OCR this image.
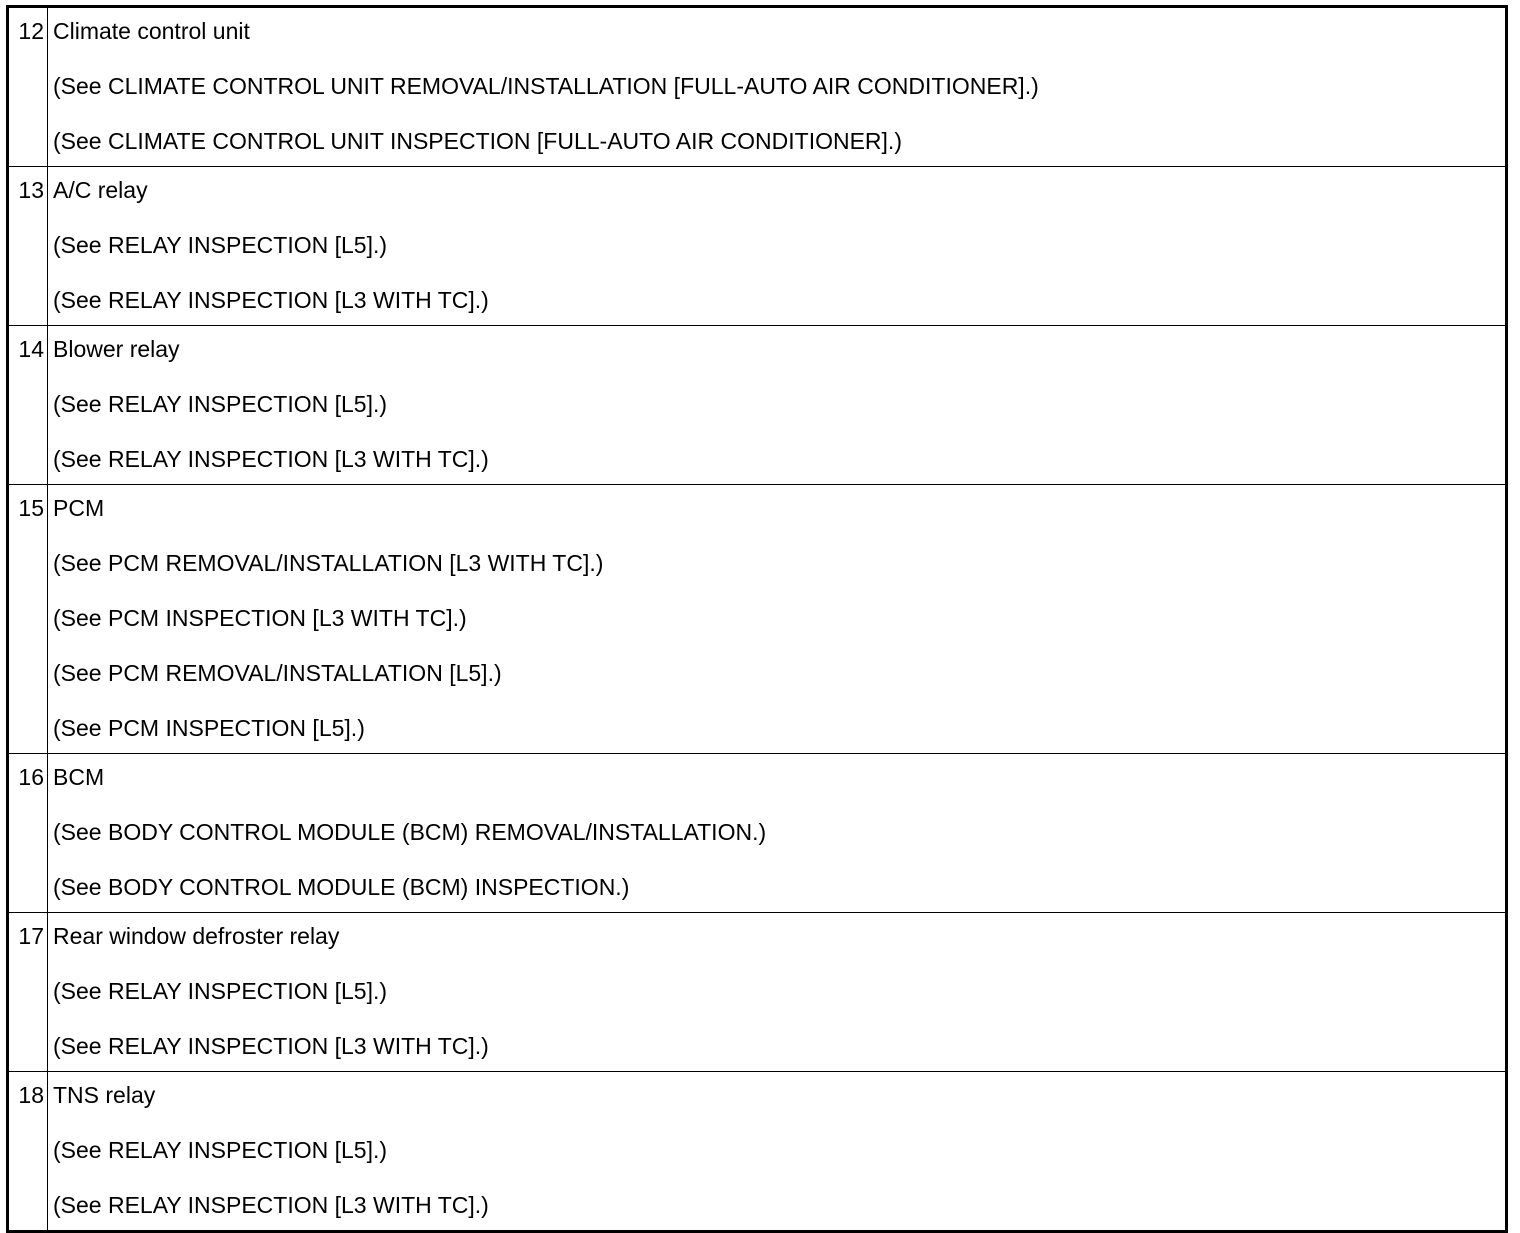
12	Climate control unit
(See CLIMATE CONTROL UNIT REMOVAL/INSTALLATION [FULL-AUTO AIR CONDITIONER].)
(See CLIMATE CONTROL UNIT INSPECTION [FULL-AUTO AIR CONDITIONER].)

13	A/C relay
(See RELAY INSPECTION [L5].)
(See RELAY INSPECTION [L3 WITH TC].)

14	Blower relay
(See RELAY INSPECTION [L5].)
(See RELAY INSPECTION [L3 WITH TC].)

15	PCM
(See PCM REMOVAL/INSTALLATION [L3 WITH TC].)
(See PCM INSPECTION [L3 WITH TC].)
(See PCM REMOVAL/INSTALLATION [L5].)
(See PCM INSPECTION [L5].)

16	BCM
(See BODY CONTROL MODULE (BCM) REMOVAL/INSTALLATION.)
(See BODY CONTROL MODULE (BCM) INSPECTION.)

17	Rear window defroster relay
(See RELAY INSPECTION [L5].)
(See RELAY INSPECTION [L3 WITH TC].)

18	TNS relay
(See RELAY INSPECTION [L5].)
(See RELAY INSPECTION [L3 WITH TC].)
